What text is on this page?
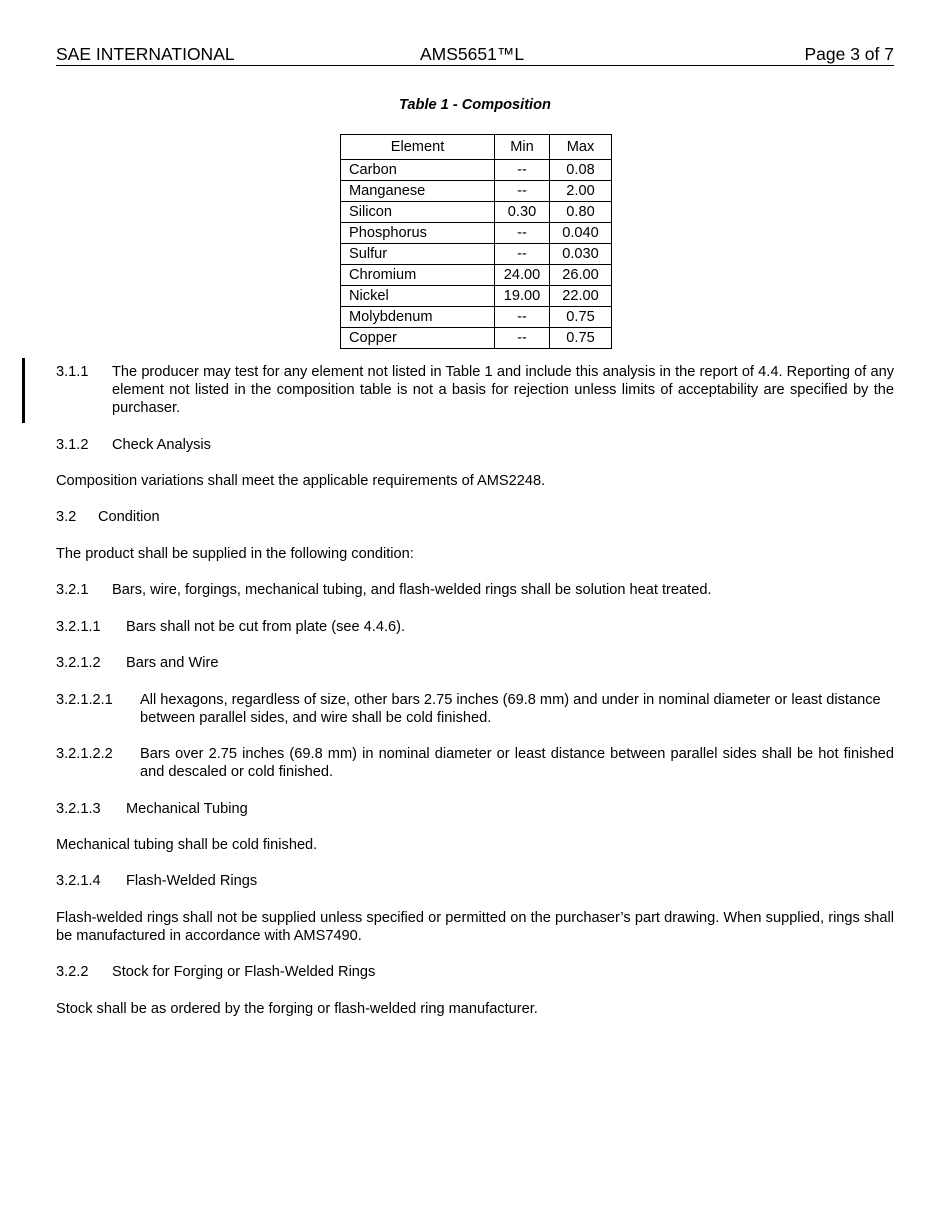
SAE INTERNATIONAL	AMS5651™L	Page 3 of 7
Table 1 - Composition
Element	Min	Max
Carbon	--	0.08
Manganese	--	2.00
Silicon	0.30	0.80
Phosphorus	--	0.040
Sulfur	--	0.030
Chromium	24.00	26.00
Nickel	19.00	22.00
Molybdenum	--	0.75
Copper	--	0.75
3.1.1 The producer may test for any element not listed in Table 1 and include this analysis in the report of 4.4. Reporting of any element not listed in the composition table is not a basis for rejection unless limits of acceptability are specified by the purchaser.
3.1.2 Check Analysis
Composition variations shall meet the applicable requirements of AMS2248.
3.2 Condition
The product shall be supplied in the following condition:
3.2.1 Bars, wire, forgings, mechanical tubing, and flash-welded rings shall be solution heat treated.
3.2.1.1 Bars shall not be cut from plate (see 4.4.6).
3.2.1.2 Bars and Wire
3.2.1.2.1 All hexagons, regardless of size, other bars 2.75 inches (69.8 mm) and under in nominal diameter or least distance between parallel sides, and wire shall be cold finished.
3.2.1.2.2 Bars over 2.75 inches (69.8 mm) in nominal diameter or least distance between parallel sides shall be hot finished and descaled or cold finished.
3.2.1.3 Mechanical Tubing
Mechanical tubing shall be cold finished.
3.2.1.4 Flash-Welded Rings
Flash-welded rings shall not be supplied unless specified or permitted on the purchaser’s part drawing. When supplied, rings shall be manufactured in accordance with AMS7490.
3.2.2 Stock for Forging or Flash-Welded Rings
Stock shall be as ordered by the forging or flash-welded ring manufacturer.
